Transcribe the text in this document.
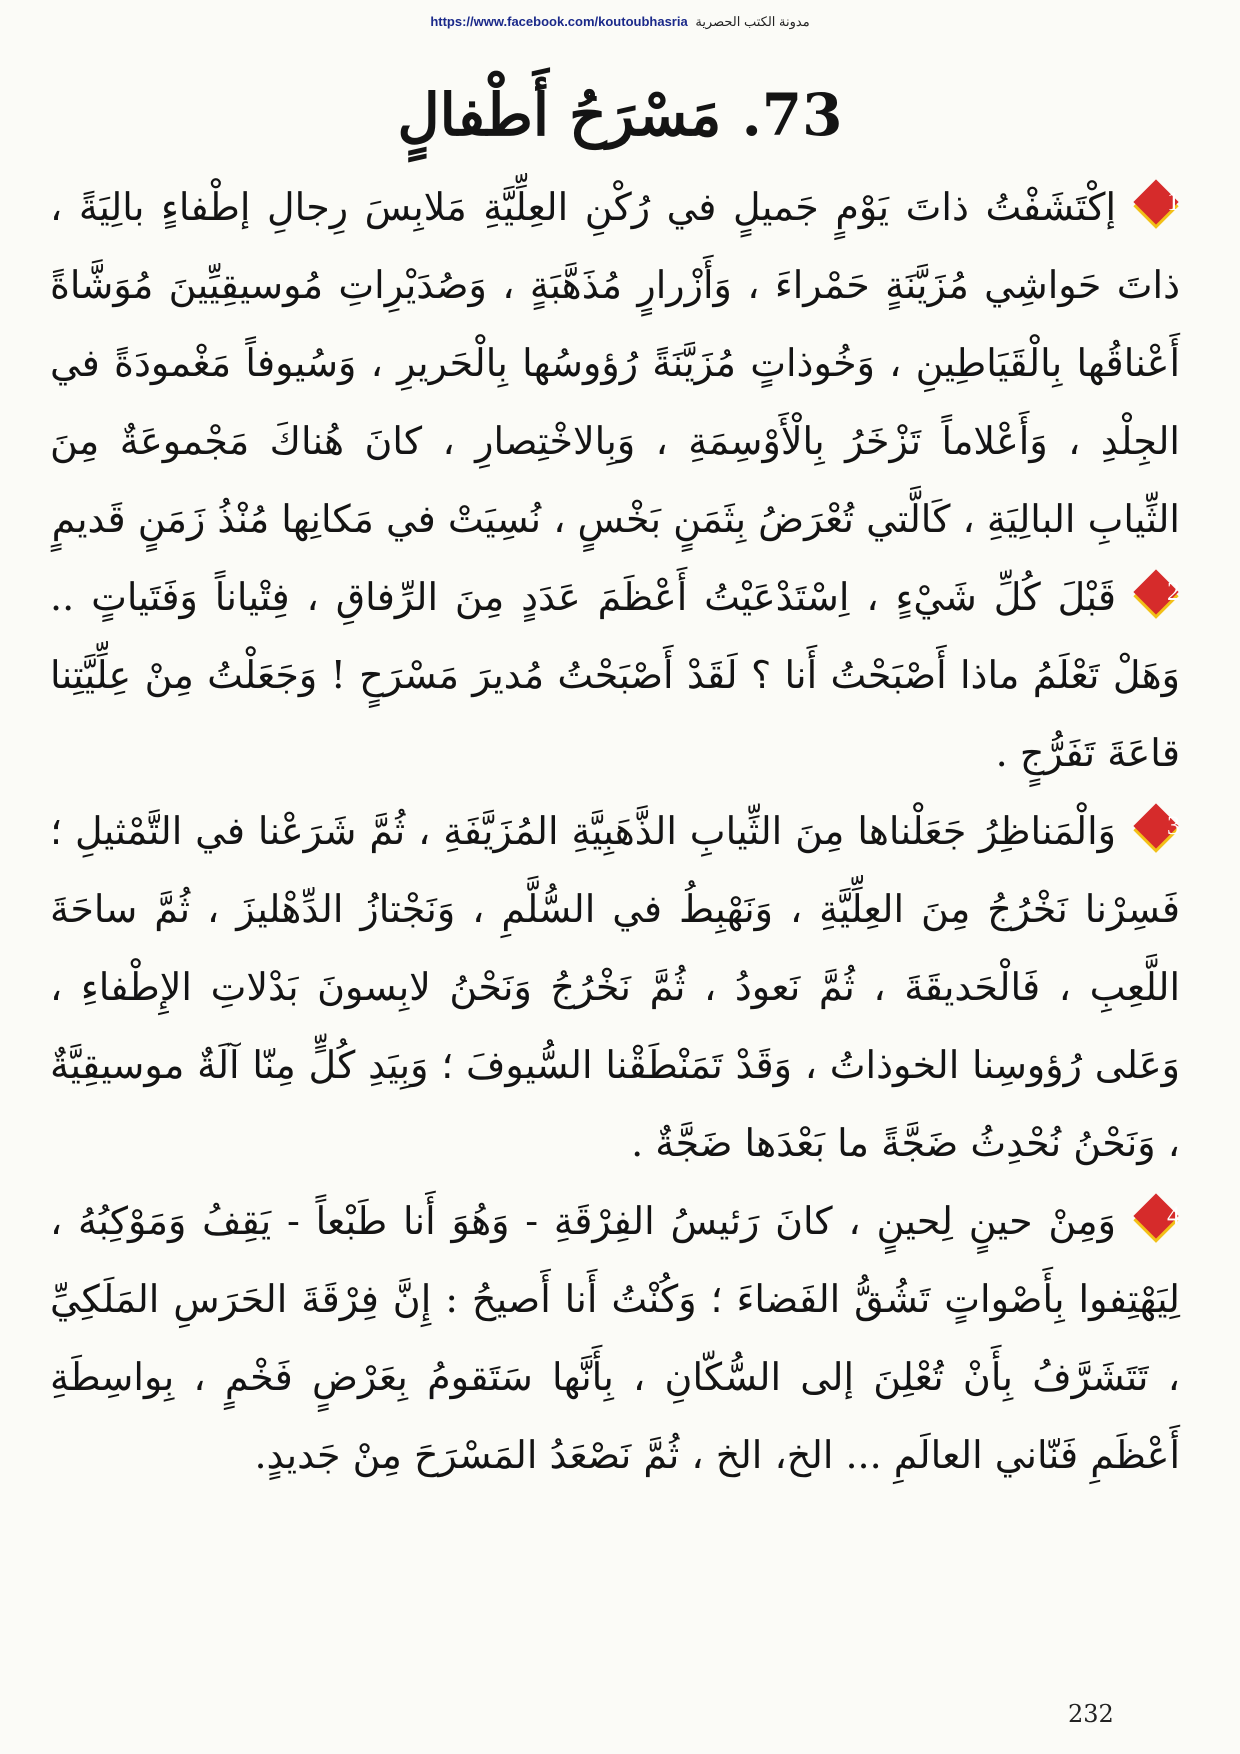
https://www.facebook.com/koutoubhasria مدونة الكتب الحصرية
73. مَسْرَحُ أَطْفالٍ

1
إكْتَشَفْتُ ذاتَ يَوْمٍ جَميلٍ في رُكْنِ العِلِّيَّةِ مَلابِسَ رِجالِ إطْفاءٍ بالِيَةً ، ذاتَ حَواشِي مُزَيَّنَةٍ حَمْراءَ ، وَأَزْرارٍ مُذَهَّبَةٍ ، وَصُدَيْرِاتِ مُوسيقِيِّينَ مُوَشَّاةً أَعْناقُها بِالْقَيَاطِينِ ، وَخُوذاتٍ مُزَيَّنَةً رُؤوسُها بِالْحَريرِ ، وَسُيوفاً مَغْمودَةً في الجِلْدِ ، وَأَعْلاماً تَزْخَرُ بِالْأَوْسِمَةِ ، وَبِالاخْتِصارِ ، كانَ هُناكَ مَجْموعَةٌ مِنَ الثِّيابِ البالِيَةِ ، كَالَّتي تُعْرَضُ بِثَمَنٍ بَخْسٍ ، نُسِيَتْ في مَكانِها مُنْذُ زَمَنٍ قَديمٍ

2
قَبْلَ كُلِّ شَيْءٍ ، اِسْتَدْعَيْتُ أَعْظَمَ عَدَدٍ مِنَ الرِّفاقِ ، فِتْياناً وَفَتَياتٍ .. وَهَلْ تَعْلَمُ ماذا أَصْبَحْتُ أَنا ؟ لَقَدْ أَصْبَحْتُ مُديرَ مَسْرَحٍ ! وَجَعَلْتُ مِنْ عِلِّيَّتِنا قاعَةَ تَفَرُّجٍ .

3
وَالْمَناظِرُ جَعَلْناها مِنَ الثِّيابِ الذَّهَبِيَّةِ المُزَيَّفَةِ ، ثُمَّ شَرَعْنا في التَّمْثيلِ ؛ فَسِرْنا نَخْرُجُ مِنَ العِلِّيَّةِ ، وَنَهْبِطُ في السُّلَّمِ ، وَنَجْتازُ الدِّهْليزَ ، ثُمَّ ساحَةَ اللَّعِبِ ، فَالْحَديقَةَ ، ثُمَّ نَعودُ ، ثُمَّ نَخْرُجُ وَنَحْنُ لابِسونَ بَدْلاتِ الإِطْفاءِ ، وَعَلى رُؤوسِنا الخوذاتُ ، وَقَدْ تَمَنْطَقْنا السُّيوفَ ؛ وَبِيَدِ كُلٍّ مِنّا آلَةٌ موسيقِيَّةٌ ، وَنَحْنُ نُحْدِثُ ضَجَّةً ما بَعْدَها ضَجَّةٌ .

4
وَمِنْ حينٍ لِحينٍ ، كانَ رَئيسُ الفِرْقَةِ - وَهُوَ أَنا طَبْعاً - يَقِفُ وَمَوْكِبُهُ ، لِيَهْتِفوا بِأَصْواتٍ تَشُقُّ الفَضاءَ ؛ وَكُنْتُ أَنا أَصيحُ : إِنَّ فِرْقَةَ الحَرَسِ المَلَكِيِّ ، تَتَشَرَّفُ بِأَنْ تُعْلِنَ إلى السُّكّانِ ، بِأَنَّها سَتَقومُ بِعَرْضٍ فَخْمٍ ، بِواسِطَةِ أَعْظَمِ فَنّاني العالَمِ ... الخ، الخ ، ثُمَّ نَصْعَدُ المَسْرَحَ مِنْ جَديدٍ.

232
